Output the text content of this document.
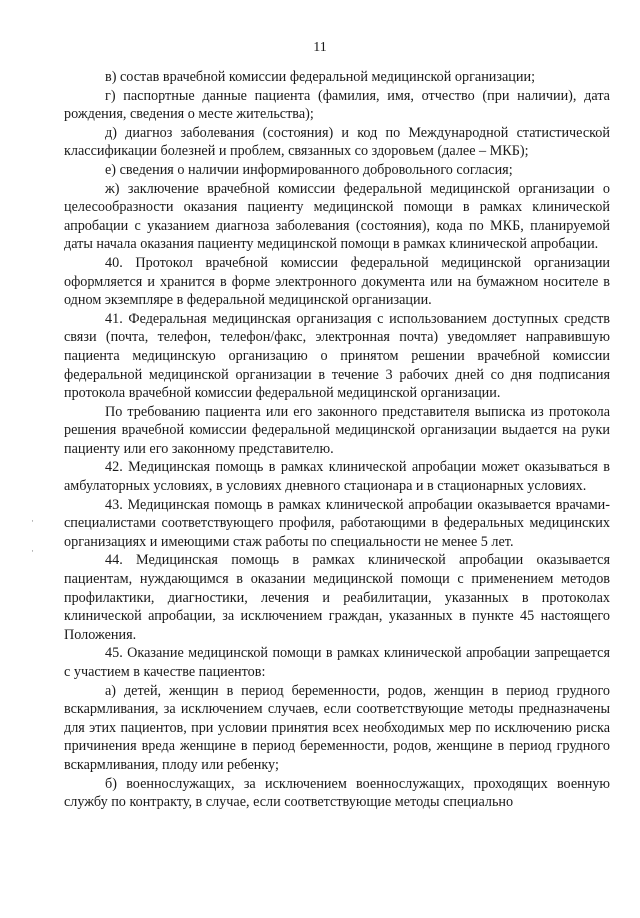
11
·
·

в) состав врачебной комиссии федеральной медицинской организации;

г) паспортные данные пациента (фамилия, имя, отчество (при наличии), дата рождения, сведения о месте жительства);

д) диагноз заболевания (состояния) и код по Международной статистической классификации болезней и проблем, связанных со здоровьем (далее – МКБ);

е) сведения о наличии информированного добровольного согласия;

ж) заключение врачебной комиссии федеральной медицинской организации о целесообразности оказания пациенту медицинской помощи в рамках клинической апробации с указанием диагноза заболевания (состояния), кода по МКБ, планируемой даты начала оказания пациенту медицинской помощи в рамках клинической апробации.

40. Протокол врачебной комиссии федеральной медицинской организации оформляется и хранится в форме электронного документа или на бумажном носителе в одном экземпляре в федеральной медицинской организации.

41. Федеральная медицинская организация с использованием доступных средств связи (почта, телефон, телефон/факс, электронная почта) уведомляет направившую пациента медицинскую организацию о принятом решении врачебной комиссии федеральной медицинской организации в течение 3 рабочих дней со дня подписания протокола врачебной комиссии федеральной медицинской организации.

По требованию пациента или его законного представителя выписка из протокола решения врачебной комиссии федеральной медицинской организации выдается на руки пациенту или его законному представителю.

42. Медицинская помощь в рамках клинической апробации может оказываться в амбулаторных условиях, в условиях дневного стационара и в стационарных условиях.

43. Медицинская помощь в рамках клинической апробации оказывается врачами-специалистами соответствующего профиля, работающими в федеральных медицинских организациях и имеющими стаж работы по специальности не менее 5 лет.

44. Медицинская помощь в рамках клинической апробации оказывается пациентам, нуждающимся в оказании медицинской помощи с применением методов профилактики, диагностики, лечения и реабилитации, указанных в протоколах клинической апробации, за исключением граждан, указанных в пункте 45 настоящего Положения.

45. Оказание медицинской помощи в рамках клинической апробации запрещается с участием в качестве пациентов:

а) детей, женщин в период беременности, родов, женщин в период грудного вскармливания, за исключением случаев, если соответствующие методы предназначены для этих пациентов, при условии принятия всех необходимых мер по исключению риска причинения вреда женщине в период беременности, родов, женщине в период грудного вскармливания, плоду или ребенку;

б) военнослужащих, за исключением военнослужащих, проходящих военную службу по контракту, в случае, если соответствующие методы специально
